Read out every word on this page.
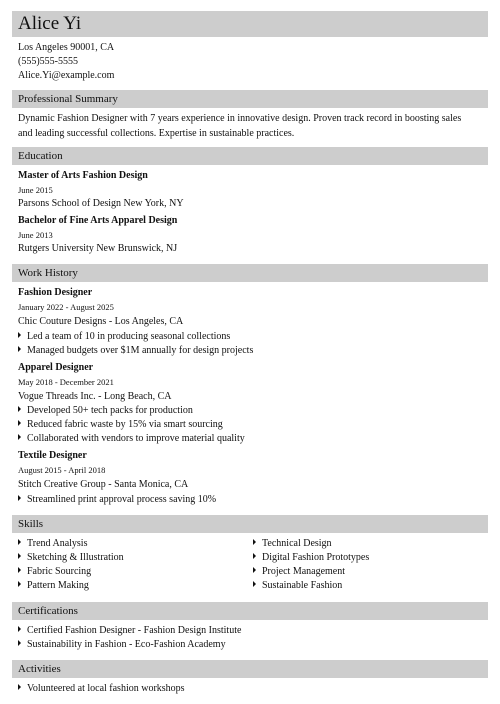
Alice Yi
Los Angeles 90001, CA
(555)555-5555
Alice.Yi@example.com
Professional Summary
Dynamic Fashion Designer with 7 years experience in innovative design. Proven track record in boosting sales and leading successful collections. Expertise in sustainable practices.
Education
Master of Arts Fashion Design
June 2015
Parsons School of Design New York, NY
Bachelor of Fine Arts Apparel Design
June 2013
Rutgers University New Brunswick, NJ
Work History
Fashion Designer
January 2022 - August 2025
Chic Couture Designs - Los Angeles, CA
Led a team of 10 in producing seasonal collections
Managed budgets over $1M annually for design projects
Apparel Designer
May 2018 - December 2021
Vogue Threads Inc. - Long Beach, CA
Developed 50+ tech packs for production
Reduced fabric waste by 15% via smart sourcing
Collaborated with vendors to improve material quality
Textile Designer
August 2015 - April 2018
Stitch Creative Group - Santa Monica, CA
Streamlined print approval process saving 10%
Skills
Trend Analysis
Sketching & Illustration
Fabric Sourcing
Pattern Making
Technical Design
Digital Fashion Prototypes
Project Management
Sustainable Fashion
Certifications
Certified Fashion Designer - Fashion Design Institute
Sustainability in Fashion - Eco-Fashion Academy
Activities
Volunteered at local fashion workshops
